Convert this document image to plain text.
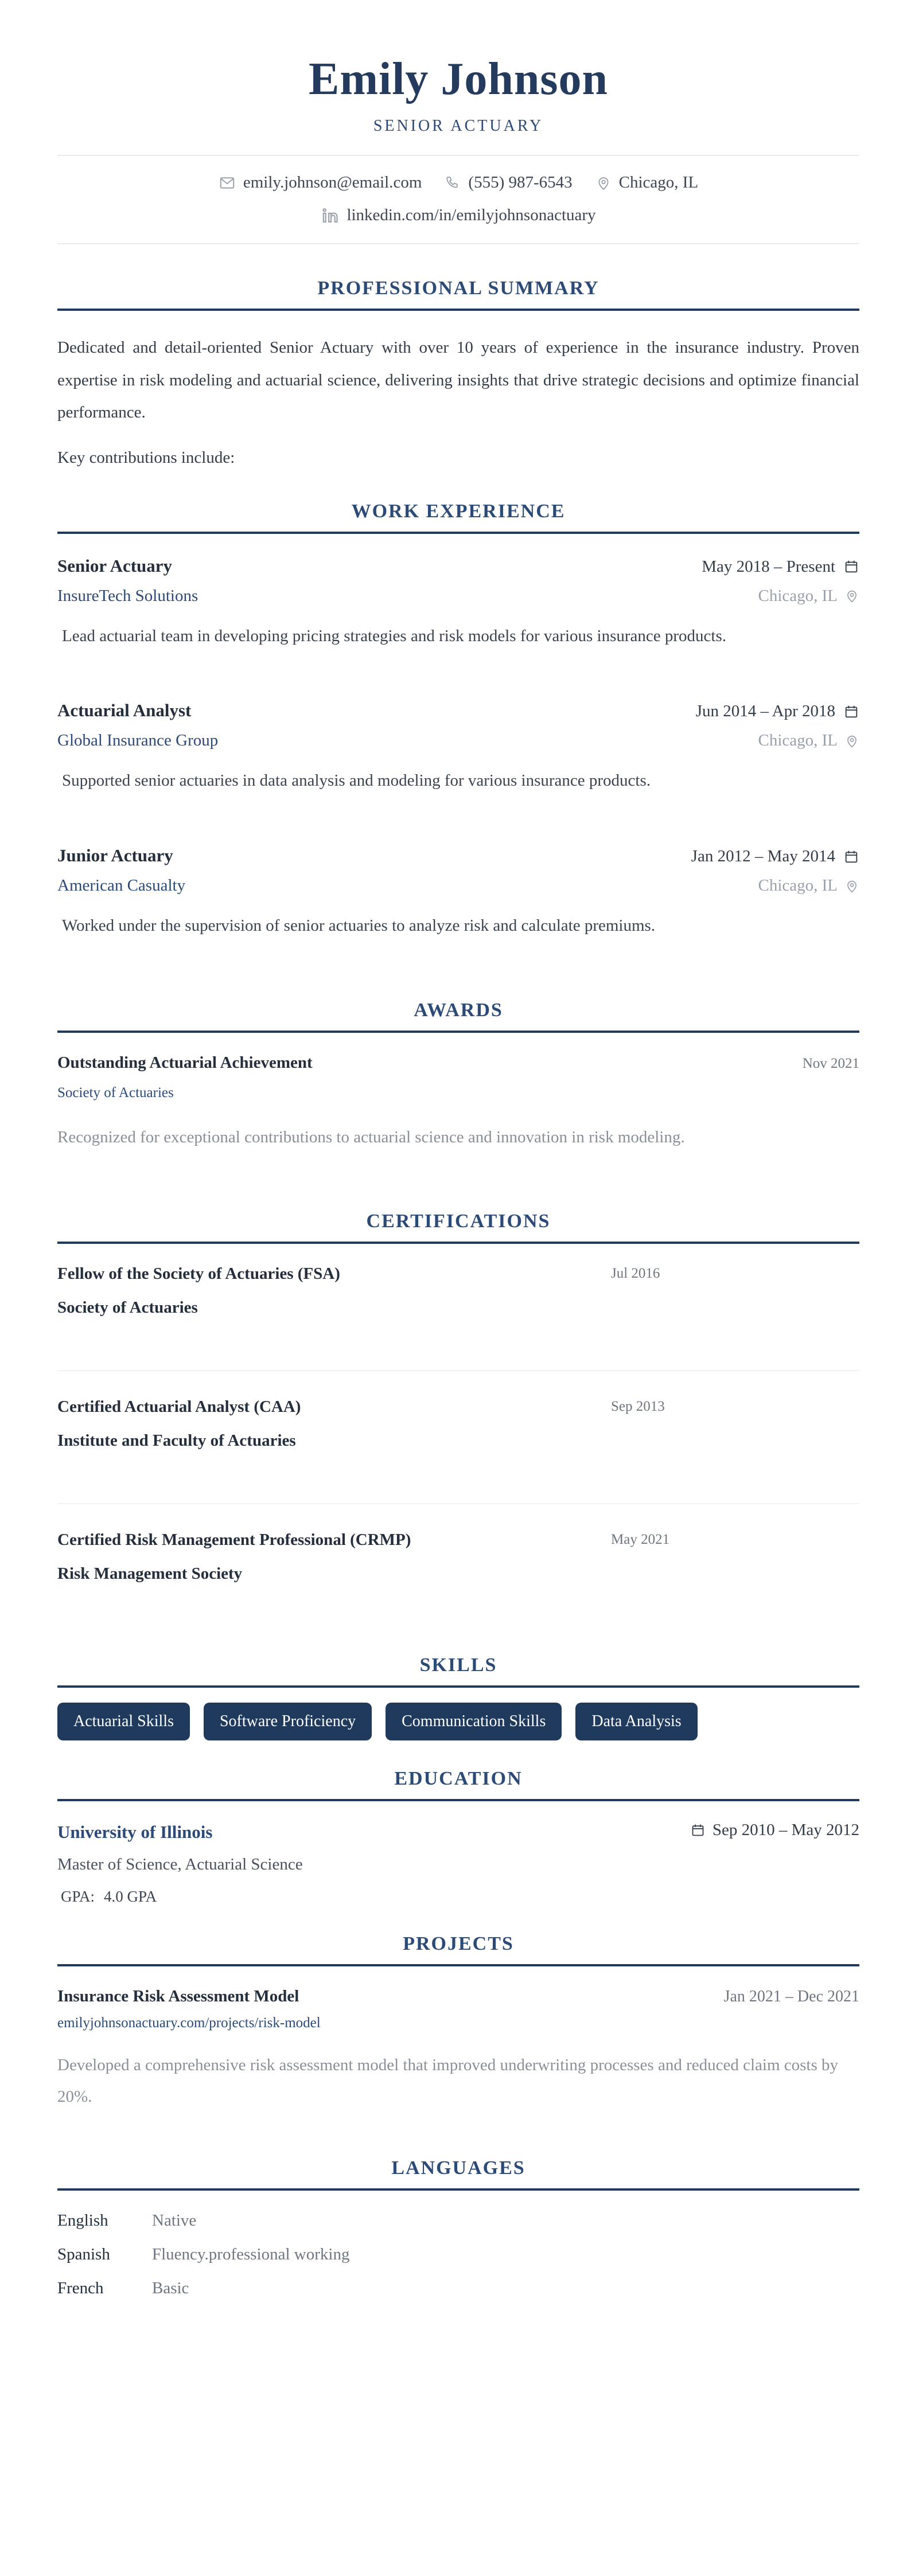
Emily Johnson
SENIOR ACTUARY
emily.johnson@email.com	(555) 987-6543	Chicago, IL
linkedin.com/in/emilyjohnsonactuary
PROFESSIONAL SUMMARY

Dedicated and detail-oriented Senior Actuary with over 10 years of experience in the insurance industry. Proven expertise in risk modeling and actuarial science, delivering insights that drive strategic decisions and optimize financial performance.

Key contributions include:

WORK EXPERIENCE
Senior Actuary	May 2018 – Present
InsureTech Solutions	Chicago, IL

Lead actuarial team in developing pricing strategies and risk models for various insurance products.

Actuarial Analyst	Jun 2014 – Apr 2018
Global Insurance Group	Chicago, IL

Supported senior actuaries in data analysis and modeling for various insurance products.

Junior Actuary	Jan 2012 – May 2014
American Casualty	Chicago, IL

Worked under the supervision of senior actuaries to analyze risk and calculate premiums.

AWARDS
Outstanding Actuarial Achievement	Nov 2021
Society of Actuaries

Recognized for exceptional contributions to actuarial science and innovation in risk modeling.

CERTIFICATIONS
Fellow of the Society of Actuaries (FSA)	Jul 2016
Society of Actuaries
Certified Actuarial Analyst (CAA)	Sep 2013
Institute and Faculty of Actuaries
Certified Risk Management Professional (CRMP)	May 2021
Risk Management Society
SKILLS
Actuarial Skills	Software Proficiency	Communication Skills	Data Analysis
EDUCATION
University of Illinois	Sep 2010 – May 2012
Master of Science, Actuarial Science
GPA: 4.0 GPA
PROJECTS
Insurance Risk Assessment Model	Jan 2021 – Dec 2021
emilyjohnsonactuary.com/projects/risk-model

Developed a comprehensive risk assessment model that improved underwriting processes and reduced claim costs by 20%.

LANGUAGES
English	Native
Spanish	Fluency.professional working
French	Basic
